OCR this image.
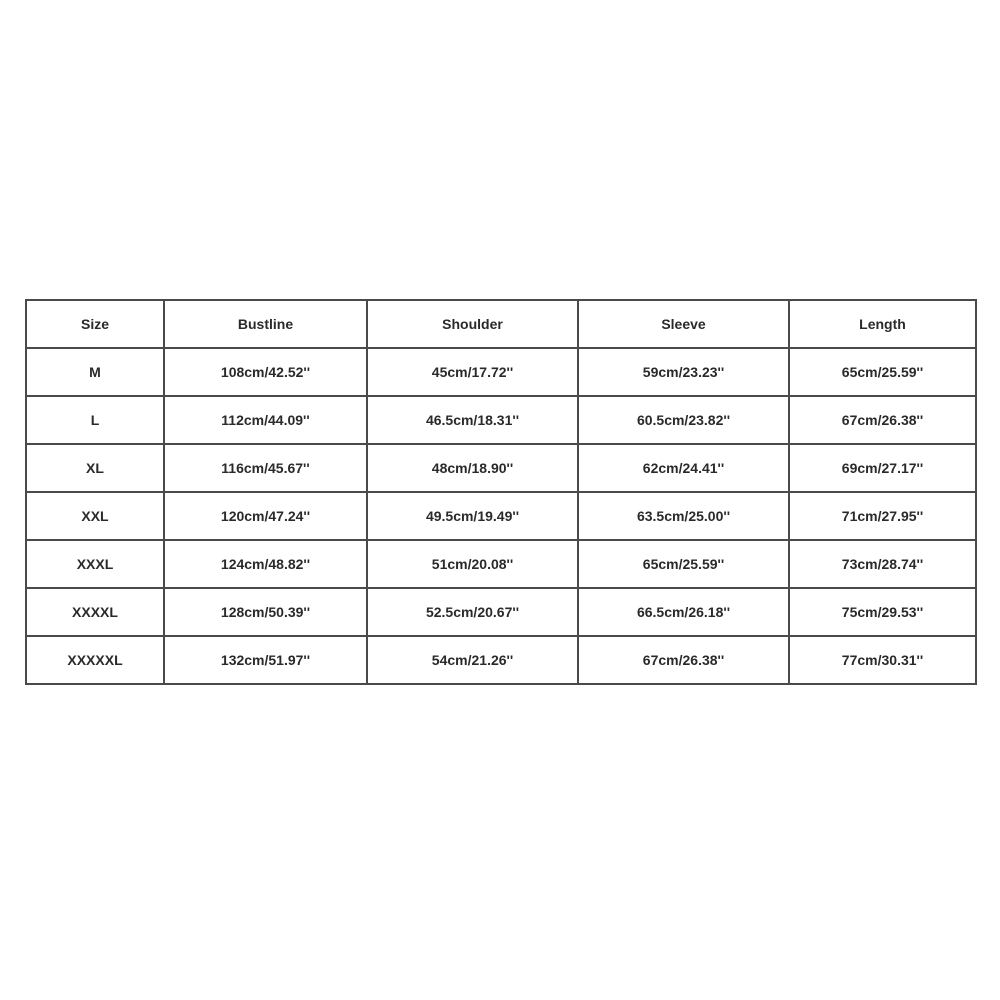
Size	Bustline	Shoulder	Sleeve	Length
M	108cm/42.52''	45cm/17.72''	59cm/23.23''	65cm/25.59''
L	112cm/44.09''	46.5cm/18.31''	60.5cm/23.82''	67cm/26.38''
XL	116cm/45.67''	48cm/18.90''	62cm/24.41''	69cm/27.17''
XXL	120cm/47.24''	49.5cm/19.49''	63.5cm/25.00''	71cm/27.95''
XXXL	124cm/48.82''	51cm/20.08''	65cm/25.59''	73cm/28.74''
XXXXL	128cm/50.39''	52.5cm/20.67''	66.5cm/26.18''	75cm/29.53''
XXXXXL	132cm/51.97''	54cm/21.26''	67cm/26.38''	77cm/30.31''
